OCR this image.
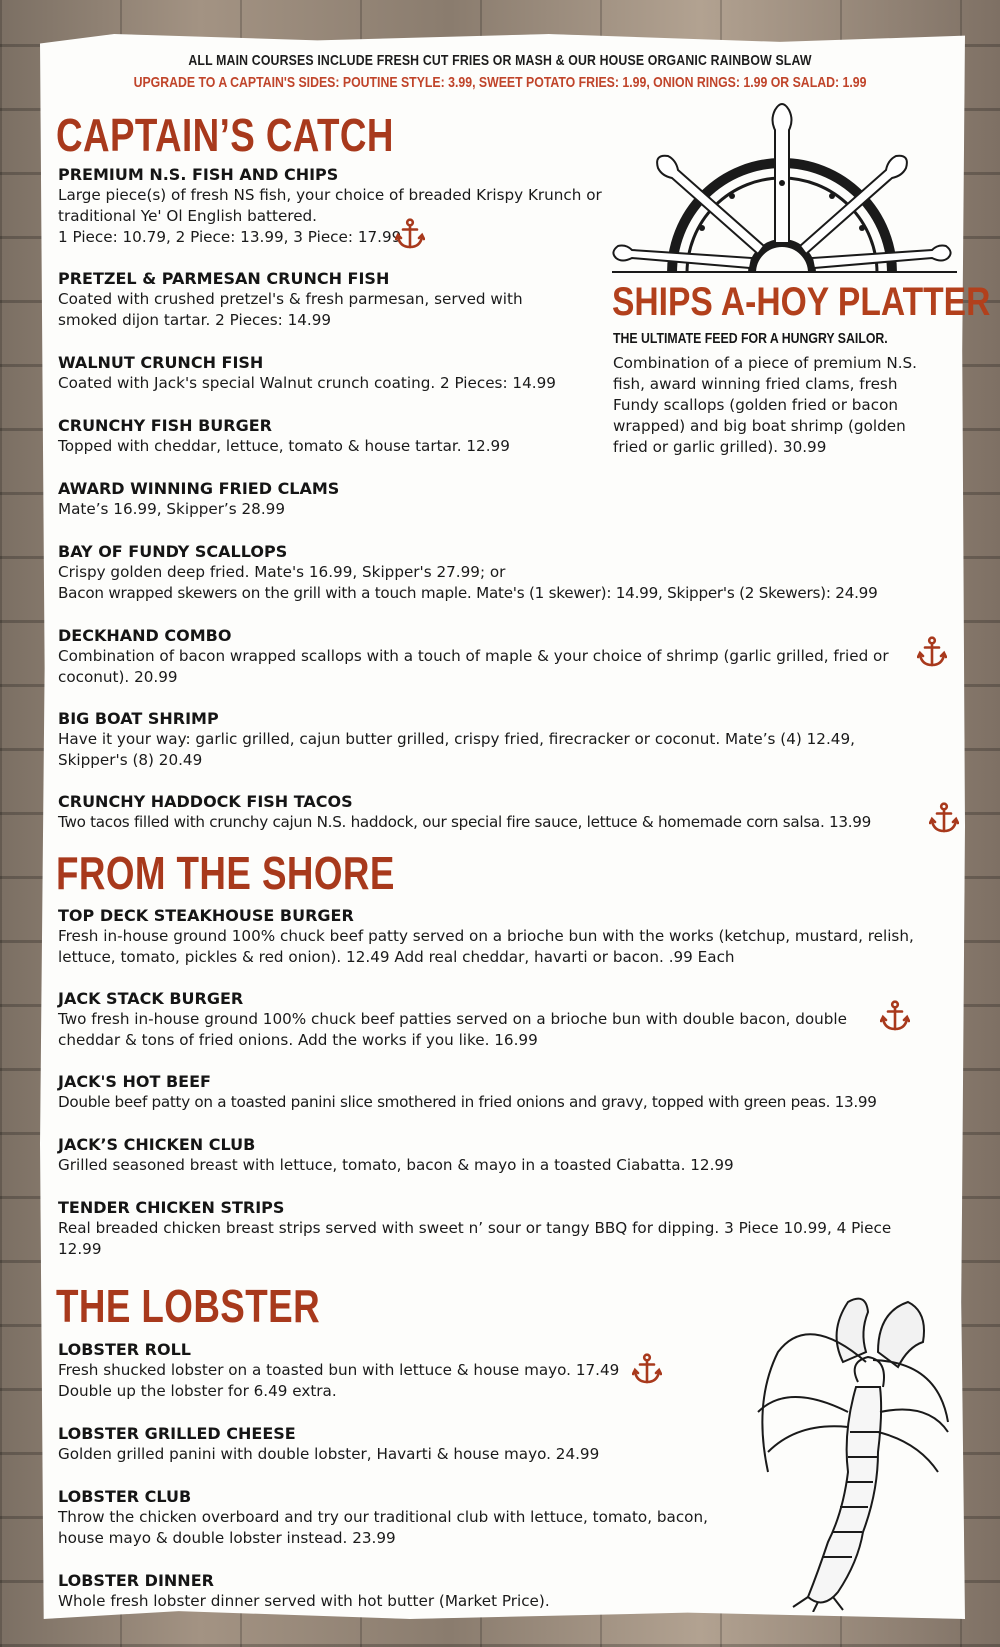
ALL MAIN COURSES INCLUDE FRESH CUT FRIES OR MASH & OUR HOUSE ORGANIC RAINBOW SLAW
UPGRADE TO A CAPTAIN'S SIDES: POUTINE STYLE: 3.99, SWEET POTATO FRIES: 1.99, ONION RINGS: 1.99 OR SALAD: 1.99
CAPTAIN’S CATCH
PREMIUM N.S. FISH AND CHIPS
Large piece(s) of fresh NS fish, your choice of breaded Krispy Krunch or traditional Ye' Ol English battered.
1 Piece: 10.79, 2 Piece: 13.99, 3 Piece: 17.99
PRETZEL & PARMESAN CRUNCH FISH
Coated with crushed pretzel's & fresh parmesan, served with smoked dijon tartar. 2 Pieces: 14.99
WALNUT CRUNCH FISH
Coated with Jack's special Walnut crunch coating. 2 Pieces: 14.99
CRUNCHY FISH BURGER
Topped with cheddar, lettuce, tomato & house tartar. 12.99
AWARD WINNING FRIED CLAMS
Mate’s 16.99, Skipper’s 28.99
BAY OF FUNDY SCALLOPS
Crispy golden deep fried. Mate's 16.99, Skipper's 27.99; or
Bacon wrapped skewers on the grill with a touch maple. Mate's (1 skewer): 14.99, Skipper's (2 Skewers): 24.99
DECKHAND COMBO
Combination of bacon wrapped scallops with a touch of maple & your choice of shrimp (garlic grilled, fried or coconut). 20.99
BIG BOAT SHRIMP
Have it your way: garlic grilled, cajun butter grilled, crispy fried, firecracker or coconut. Mate’s (4) 12.49, Skipper's (8) 20.49
CRUNCHY HADDOCK FISH TACOS
Two tacos filled with crunchy cajun N.S. haddock, our special fire sauce, lettuce & homemade corn salsa. 13.99
SHIPS A-HOY PLATTER
THE ULTIMATE FEED FOR A HUNGRY SAILOR.
Combination of a piece of premium N.S. fish, award winning fried clams, fresh Fundy scallops (golden fried or bacon wrapped) and big boat shrimp (golden fried or garlic grilled). 30.99
FROM THE SHORE
TOP DECK STEAKHOUSE BURGER
Fresh in-house ground 100% chuck beef patty served on a brioche bun with the works (ketchup, mustard, relish, lettuce, tomato, pickles & red onion). 12.49 Add real cheddar, havarti or bacon. .99 Each
JACK STACK BURGER
Two fresh in-house ground 100% chuck beef patties served on a brioche bun with double bacon, double cheddar & tons of fried onions. Add the works if you like. 16.99
JACK'S HOT BEEF
Double beef patty on a toasted panini slice smothered in fried onions and gravy, topped with green peas. 13.99
JACK’S CHICKEN CLUB
Grilled seasoned breast with lettuce, tomato, bacon & mayo in a toasted Ciabatta. 12.99
TENDER CHICKEN STRIPS
Real breaded chicken breast strips served with sweet n’ sour or tangy BBQ for dipping. 3 Piece 10.99, 4 Piece 12.99
THE LOBSTER
LOBSTER ROLL
Fresh shucked lobster on a toasted bun with lettuce & house mayo. 17.49
Double up the lobster for 6.49 extra.
LOBSTER GRILLED CHEESE
Golden grilled panini with double lobster, Havarti & house mayo. 24.99
LOBSTER CLUB
Throw the chicken overboard and try our traditional club with lettuce, tomato, bacon, house mayo & double lobster instead. 23.99
LOBSTER DINNER
Whole fresh lobster dinner served with hot butter (Market Price).
